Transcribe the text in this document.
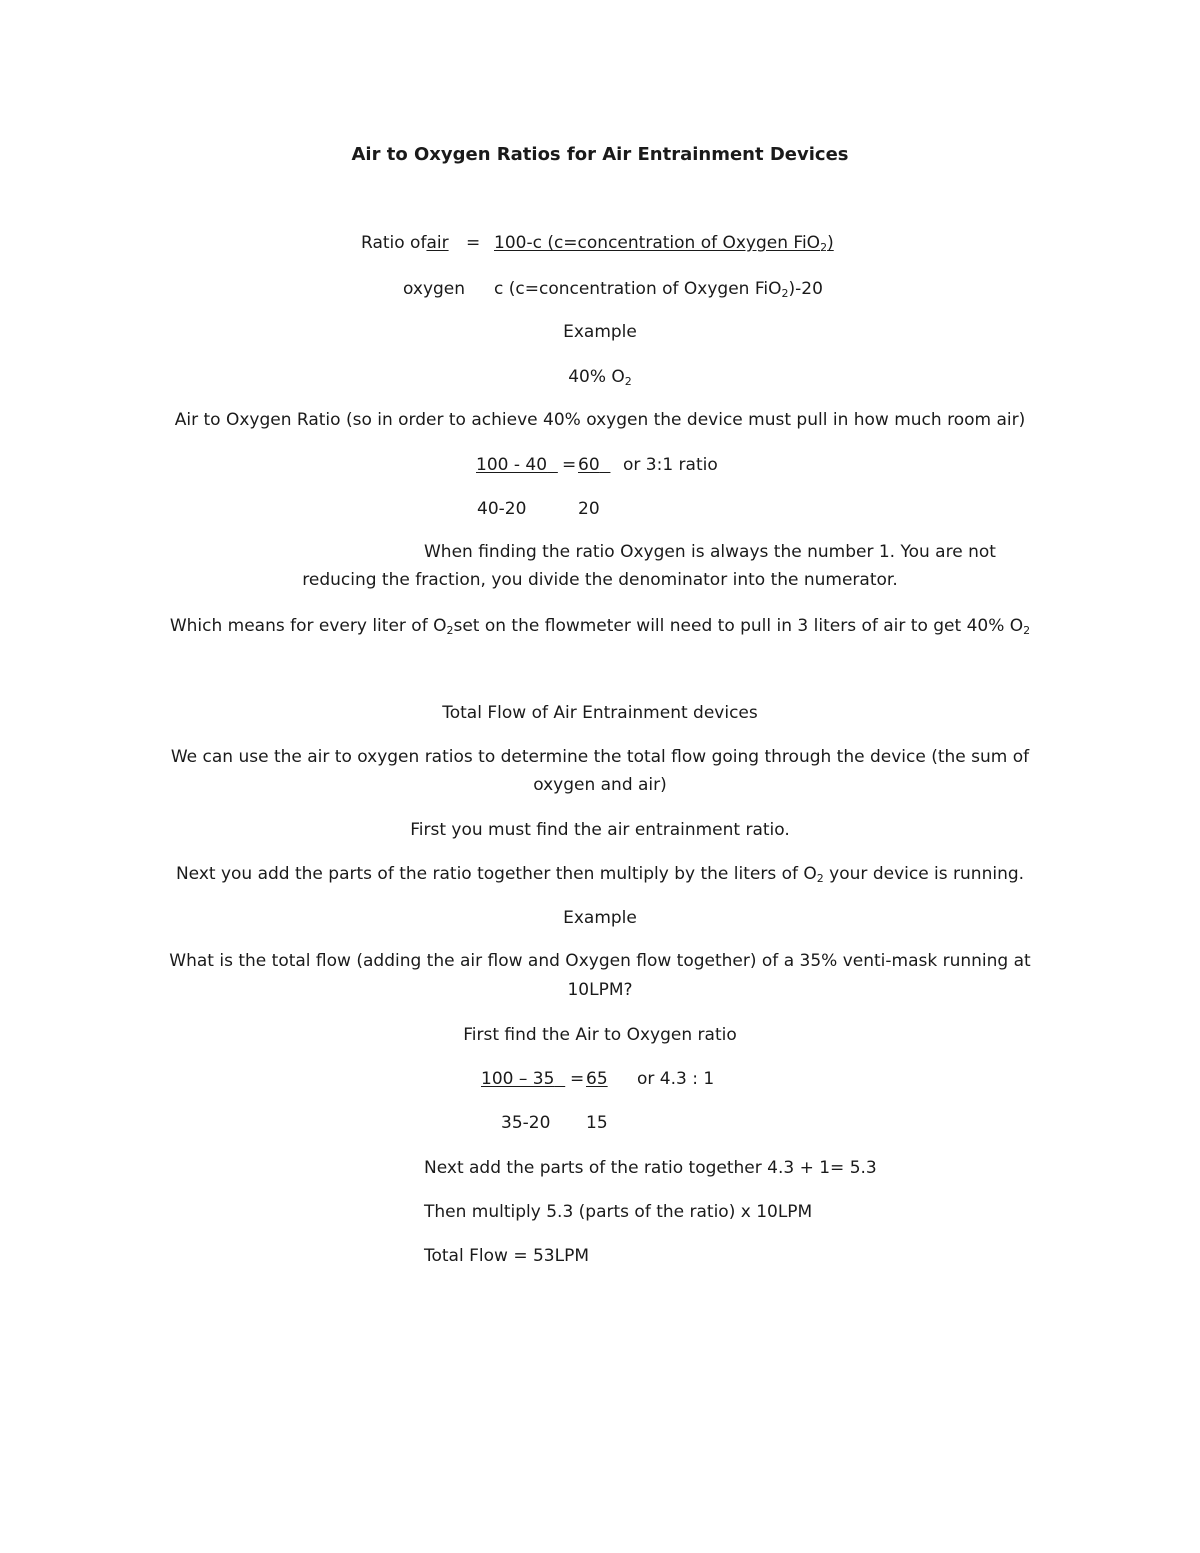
Air to Oxygen Ratios for Air Entrainment Devices
Ratio ofair = 100-c (c=concentration of Oxygen FiO$_2$)
oxygen c (c=concentration of Oxygen FiO$_2$)-20
Example
40% $O_2$
Air to Oxygen Ratio (so in order to achieve 40% oxygen the device must pull in how much room air)
100 - 40 = 60	or 3:1 ratio
40-20	20
When finding the ratio Oxygen is always the number 1. You are not
reducing the fraction, you divide the denominator into the numerator.
Which means for every liter of $O_2set$ on the flowmeter will need to pull in 3 liters of air to get 40% $O_2$
Total Flow of Air Entrainment devices
We can use the air to oxygen ratios to determine the total flow going through the device (the sum of
oxygen and air)
First you must find the air entrainment ratio.
Next you add the parts of the ratio together then multiply by the liters of $O_2$ your device is running.
Example
What is the total flow (adding the air flow and Oxygen flow together) of a 35% venti-mask running at
10LPM?
First find the Air to Oxygen ratio
100 – 35 = 65 or 4.3 : 1
35-20 15
Next add the parts of the ratio together 4.3 + 1= 5.3
Then multiply 5.3 (parts of the ratio) x 10LPM
Total Flow = 53LPM
